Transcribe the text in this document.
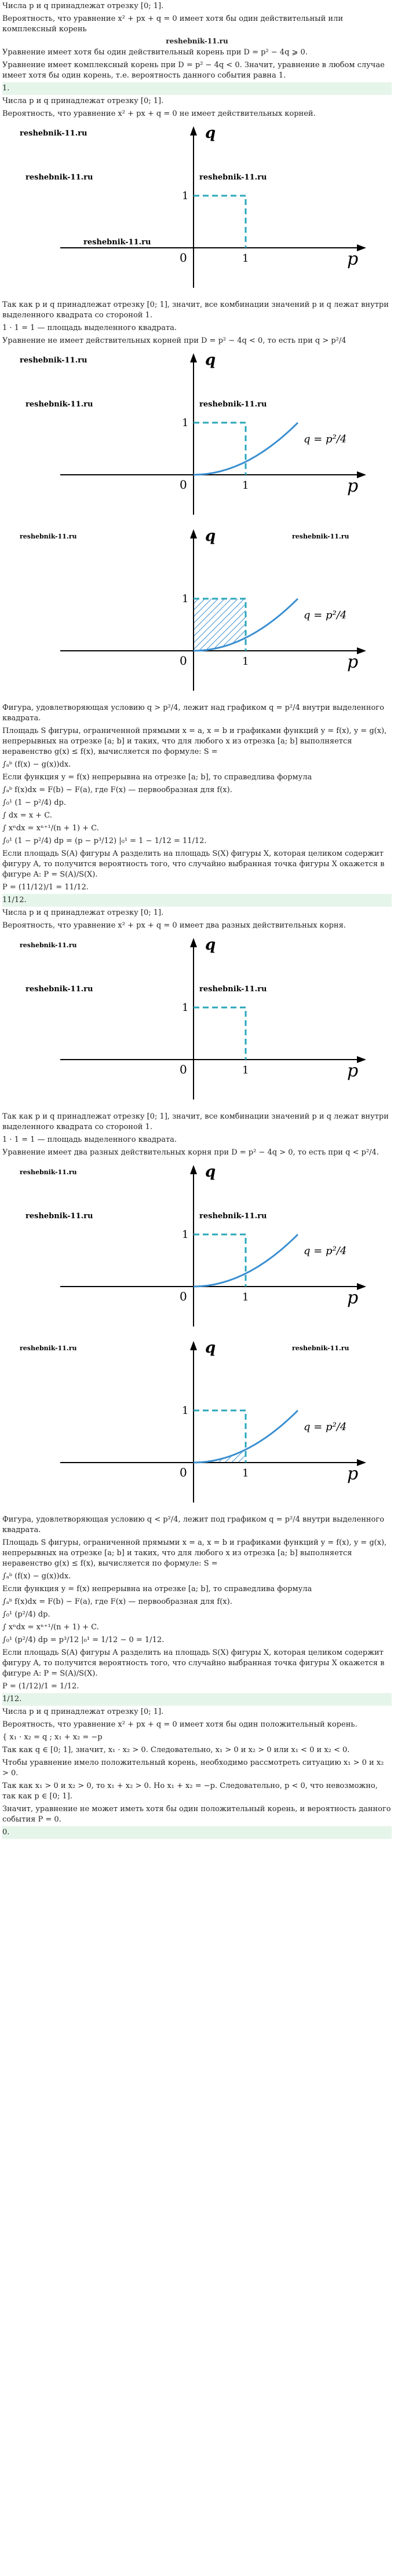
Числа p и q принадлежат отрезку [0; 1].
Вероятность, что уравнение x² + px + q = 0 имеет хотя бы один действительный или комплексный корень
reshebnik-11.ru
Уравнение имеет хотя бы один действительный корень при D = p² − 4q ⩾ 0.
Уравнение имеет комплексный корень при D = p² − 4q < 0. Значит, уравнение в любом случае имеет хотя бы один корень, т.е. вероятность данного события равна 1.
1.
Числа p и q принадлежат отрезку [0; 1].
Вероятность, что уравнение x² + px + q = 0 не имеет действительных корней.
reshebnik-11.ru
reshebnik-11.ru	reshebnik-11.ru
reshebnik-11.ru
q
p
0
1
1
Так как p и q принадлежат отрезку [0; 1], значит, все комбинации значений p и q лежат внутри выделенного квадрата со стороной 1.
1 · 1 = 1 — площадь выделенного квадрата.
Уравнение не имеет действительных корней при D = p² − 4q < 0, то есть при q > p²/4
reshebnik-11.ru
reshebnik-11.ru	reshebnik-11.ru
q
p
0
1
1
q = p²/4
reshebnik-11.ru	reshebnik-11.ru
q
p
0
1
1
q = p²/4
Фигура, удовлетворяющая условию q > p²/4, лежит над графиком q = p²/4 внутри выделенного квадрата.
Площадь S фигуры, ограниченной прямыми x = a, x = b и графиками функций y = f(x), y = g(x), непрерывных на отрезке [a; b] и таких, что для любого x из отрезка [a; b] выполняется неравенство g(x) ≤ f(x), вычисляется по формуле: S =
∫ₐᵇ (f(x) − g(x))dx.
Если функция y = f(x) непрерывна на отрезке [a; b], то справедлива формула
∫ₐᵇ f(x)dx = F(b) − F(a), где F(x) — первообразная для f(x).
∫₀¹ (1 − p²/4) dp.
∫ dx = x + C.
∫ xⁿdx = xⁿ⁺¹/(n + 1) + C.
∫₀¹ (1 − p²/4) dp = (p − p³/12) |₀¹ = 1 − 1/12 = 11/12.
Если площадь S(A) фигуры A разделить на площадь S(X) фигуры X, которая целиком содержит фигуру A, то получится вероятность того, что случайно выбранная точка фигуры X окажется в фигуре A: P = S(A)/S(X).
P = (11/12)/1 = 11/12.
11/12.
Числа p и q принадлежат отрезку [0; 1].
Вероятность, что уравнение x² + px + q = 0 имеет два разных действительных корня.
reshebnik-11.ru
reshebnik-11.ru	reshebnik-11.ru
q
p
0
1
1
Так как p и q принадлежат отрезку [0; 1], значит, все комбинации значений p и q лежат внутри выделенного квадрата со стороной 1.
1 · 1 = 1 — площадь выделенного квадрата.
Уравнение имеет два разных действительных корня при D = p² − 4q > 0, то есть при q < p²/4.
reshebnik-11.ru
reshebnik-11.ru	reshebnik-11.ru
q
p
0
1
1
q = p²/4
reshebnik-11.ru	reshebnik-11.ru
q
p
0
1
1
q = p²/4
Фигура, удовлетворяющая условию q < p²/4, лежит под графиком q = p²/4 внутри выделенного квадрата.
Площадь S фигуры, ограниченной прямыми x = a, x = b и графиками функций y = f(x), y = g(x), непрерывных на отрезке [a; b] и таких, что для любого x из отрезка [a; b] выполняется неравенство g(x) ≤ f(x), вычисляется по формуле: S =
∫ₐᵇ (f(x) − g(x))dx.
Если функция y = f(x) непрерывна на отрезке [a; b], то справедлива формула
∫ₐᵇ f(x)dx = F(b) − F(a), где F(x) — первообразная для f(x).
∫₀¹ (p²/4) dp.
∫ xⁿdx = xⁿ⁺¹/(n + 1) + C.
∫₀¹ (p²/4) dp = p³/12 |₀¹ = 1/12 − 0 = 1/12.
Если площадь S(A) фигуры A разделить на площадь S(X) фигуры X, которая целиком содержит фигуру A, то получится вероятность того, что случайно выбранная точка фигуры X окажется в фигуре A: P = S(A)/S(X).
P = (1/12)/1 = 1/12.
1/12.
Числа p и q принадлежат отрезку [0; 1].
Вероятность, что уравнение x² + px + q = 0 имеет хотя бы один положительный корень.
{ x₁ · x₂ = q ; x₁ + x₂ = −p
Так как q ∈ [0; 1], значит, x₁ · x₂ > 0. Следовательно, x₁ > 0 и x₂ > 0 или x₁ < 0 и x₂ < 0.
Чтобы уравнение имело положительный корень, необходимо рассмотреть ситуацию x₁ > 0 и x₂ > 0.
Так как x₁ > 0 и x₂ > 0, то x₁ + x₂ > 0. Но x₁ + x₂ = −p. Следовательно, p < 0, что невозможно, так как p ∈ [0; 1].
Значит, уравнение не может иметь хотя бы один положительный корень, и вероятность данного события P = 0.
0.
